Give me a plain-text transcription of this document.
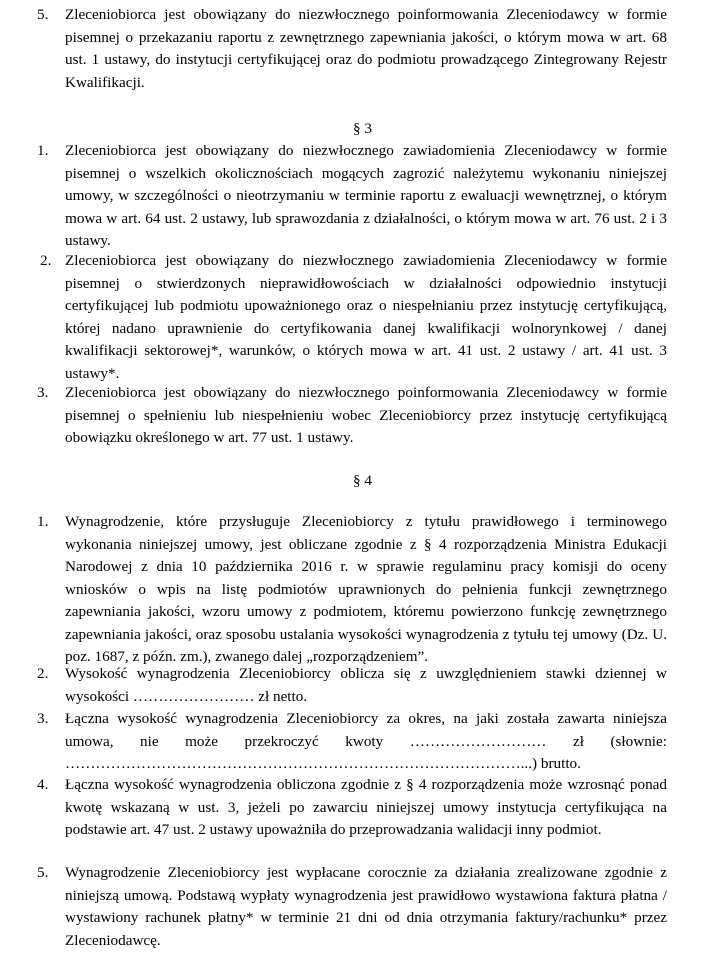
5. Zleceniobiorca jest obowiązany do niezwłocznego poinformowania Zleceniodawcy w formie pisemnej o przekazaniu raportu z zewnętrznego zapewniania jakości, o którym mowa w art. 68 ust. 1 ustawy, do instytucji certyfikującej oraz do podmiotu prowadzącego Zintegrowany Rejestr Kwalifikacji.
§ 3
1. Zleceniobiorca jest obowiązany do niezwłocznego zawiadomienia Zleceniodawcy w formie pisemnej o wszelkich okolicznościach mogących zagrozić należytemu wykonaniu niniejszej umowy, w szczególności o nieotrzymaniu w terminie raportu z ewaluacji wewnętrznej, o którym mowa w art. 64 ust. 2 ustawy, lub sprawozdania z działalności, o którym mowa w art. 76 ust. 2 i 3 ustawy.
2. Zleceniobiorca jest obowiązany do niezwłocznego zawiadomienia Zleceniodawcy w formie pisemnej o stwierdzonych nieprawidłowościach w działalności odpowiednio instytucji certyfikującej lub podmiotu upoważnionego oraz o niespełnianiu przez instytucję certyfikującą, której nadano uprawnienie do certyfikowania danej kwalifikacji wolnorynkowej / danej kwalifikacji sektorowej*, warunków, o których mowa w art. 41 ust. 2 ustawy / art. 41 ust. 3 ustawy*.
3. Zleceniobiorca jest obowiązany do niezwłocznego poinformowania Zleceniodawcy w formie pisemnej o spełnieniu lub niespełnieniu wobec Zleceniobiorcy przez instytucję certyfikującą obowiązku określonego w art. 77 ust. 1 ustawy.
§ 4
1. Wynagrodzenie, które przysługuje Zleceniobiorcy z tytułu prawidłowego i terminowego wykonania niniejszej umowy, jest obliczane zgodnie z § 4 rozporządzenia Ministra Edukacji Narodowej z dnia 10 października 2016 r. w sprawie regulaminu pracy komisji do oceny wniosków o wpis na listę podmiotów uprawnionych do pełnienia funkcji zewnętrznego zapewniania jakości, wzoru umowy z podmiotem, któremu powierzono funkcję zewnętrznego zapewniania jakości, oraz sposobu ustalania wysokości wynagrodzenia z tytułu tej umowy (Dz. U. poz. 1687, z późn. zm.), zwanego dalej „rozporządzeniem”.
2. Wysokość wynagrodzenia Zleceniobiorcy oblicza się z uwzględnieniem stawki dziennej w wysokości …………………… zł netto.
3. Łączna wysokość wynagrodzenia Zleceniobiorcy za okres, na jaki została zawarta niniejsza umowa, nie może przekroczyć kwoty ……………………… zł (słownie: ………………………………………………………………………………...) brutto.
4. Łączna wysokość wynagrodzenia obliczona zgodnie z § 4 rozporządzenia może wzrosnąć ponad kwotę wskazaną w ust. 3, jeżeli po zawarciu niniejszej umowy instytucja certyfikująca na podstawie art. 47 ust. 2 ustawy upoważniła do przeprowadzania walidacji inny podmiot.
5. Wynagrodzenie Zleceniobiorcy jest wypłacane corocznie za działania zrealizowane zgodnie z niniejszą umową. Podstawą wypłaty wynagrodzenia jest prawidłowo wystawiona faktura płatna / wystawiony rachunek płatny* w terminie 21 dni od dnia otrzymania faktury/rachunku* przez Zleceniodawcę.
